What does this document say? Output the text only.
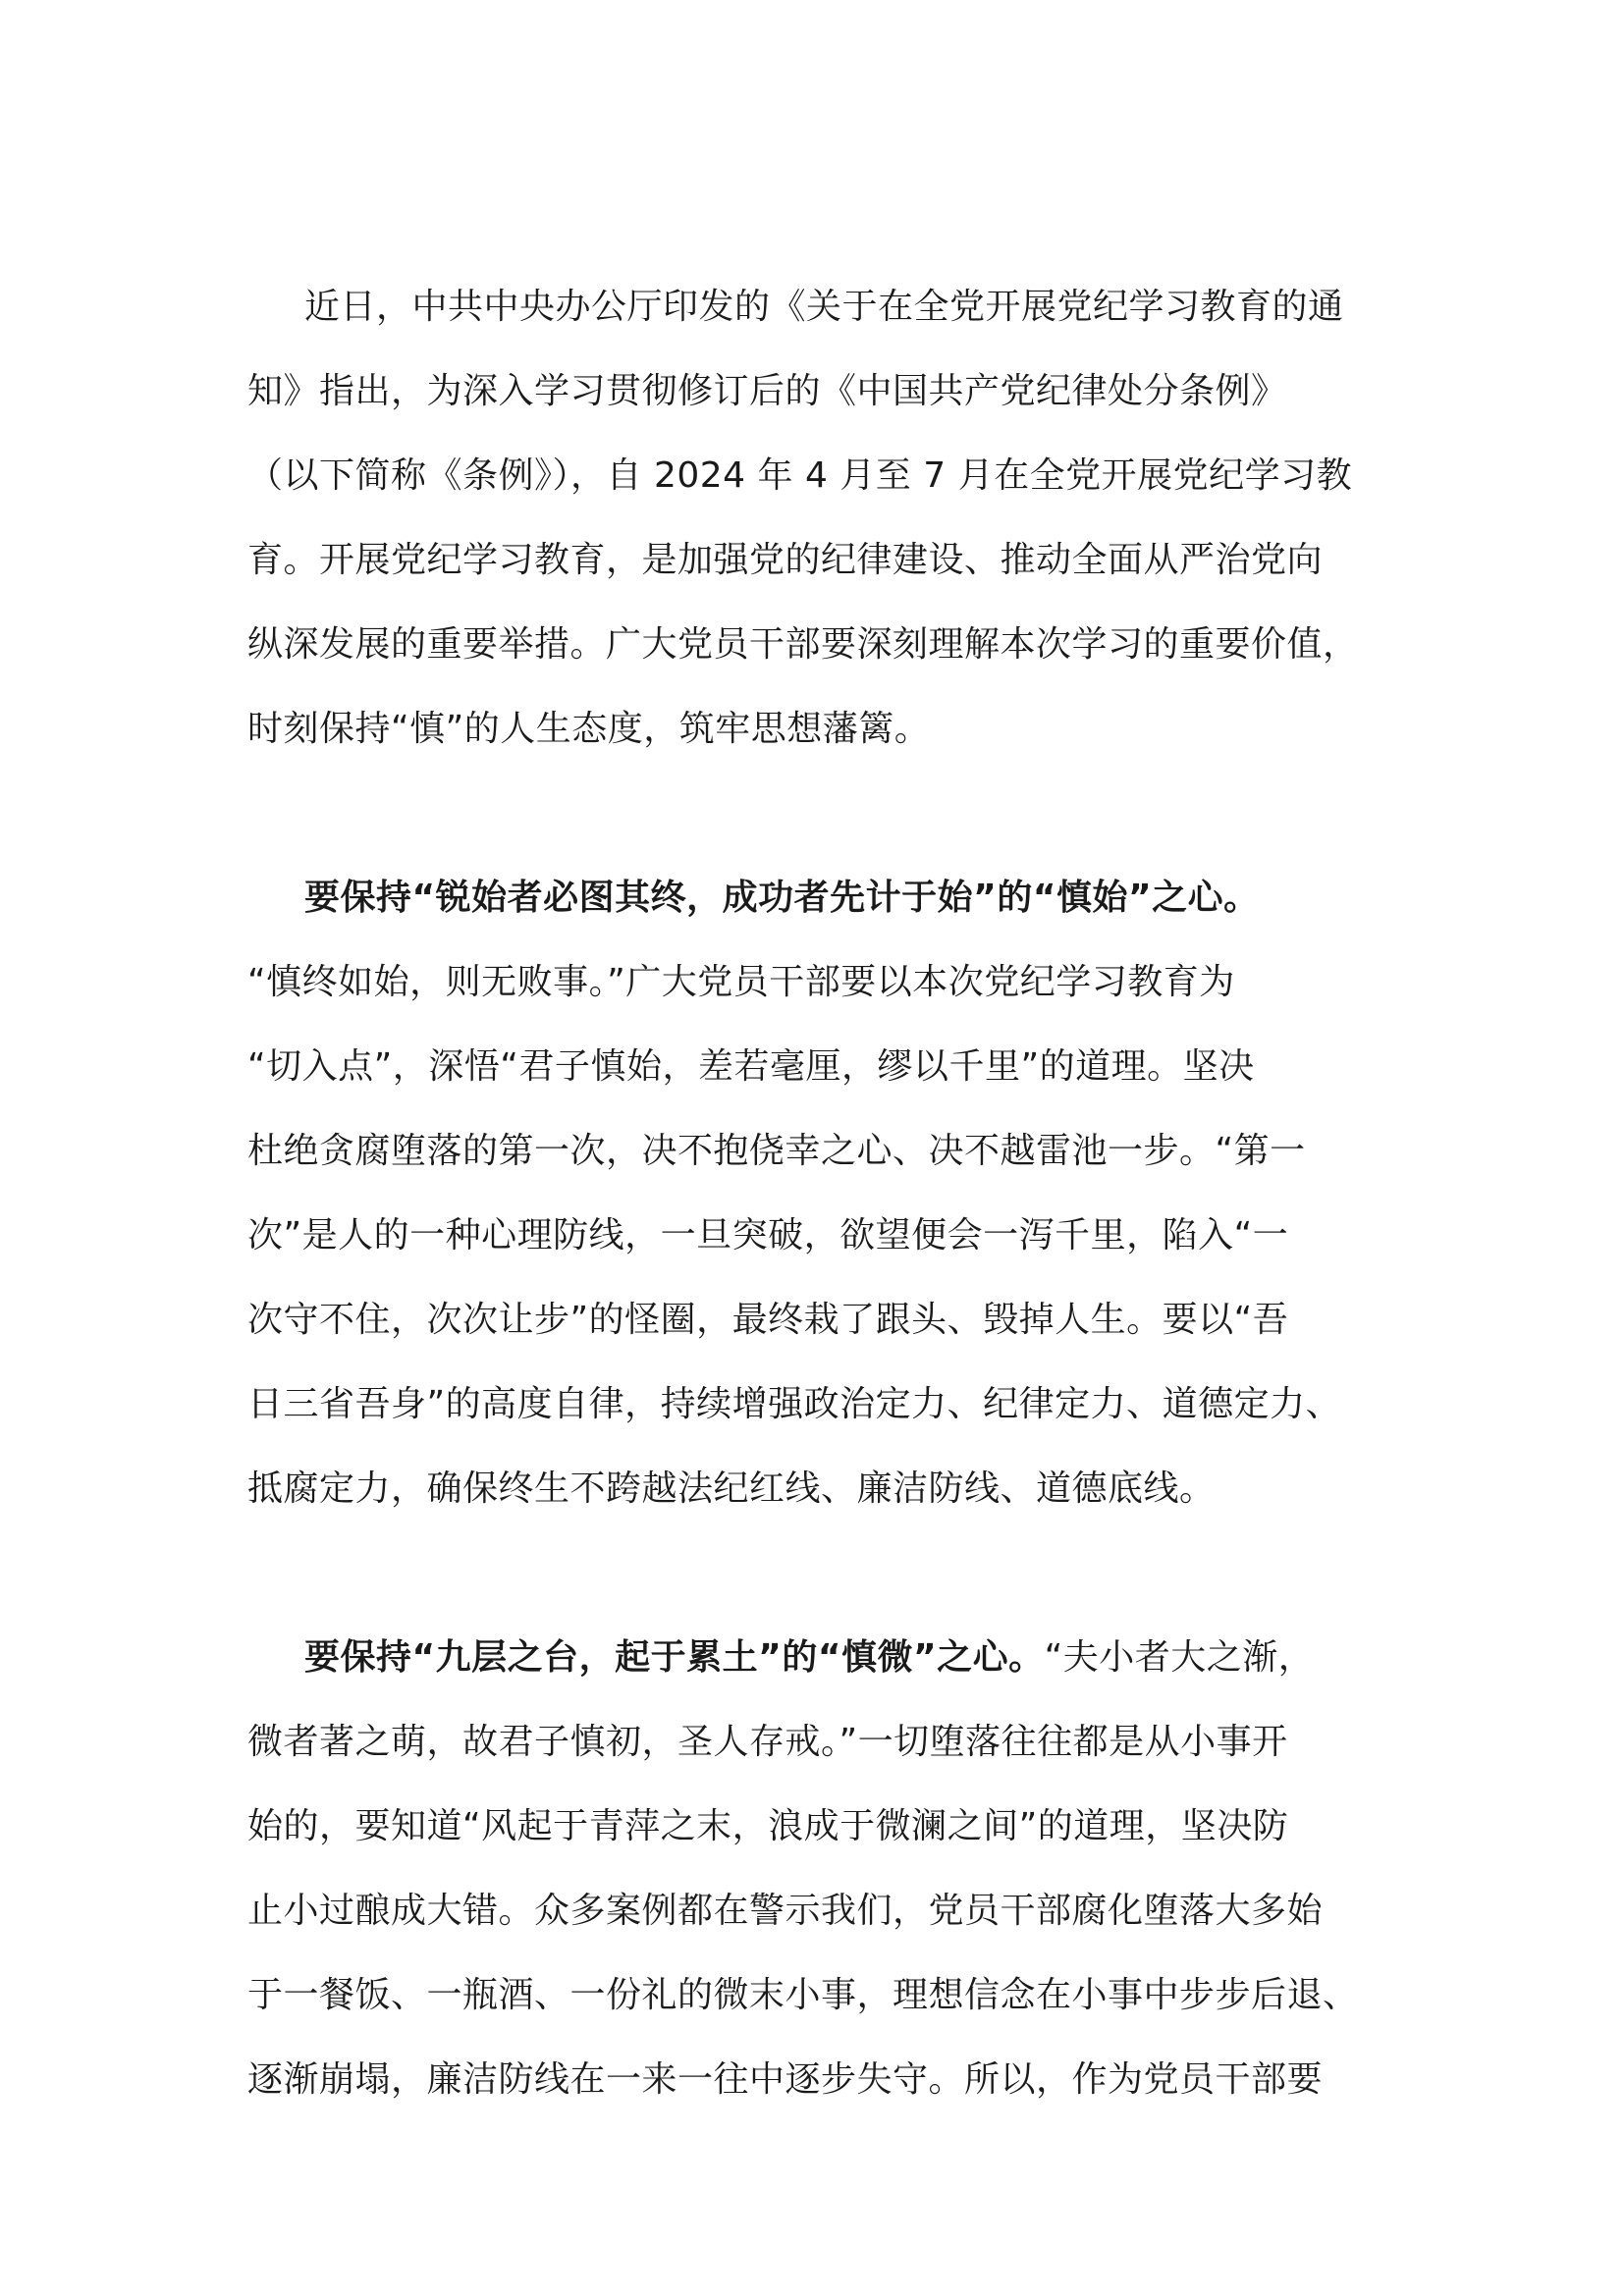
近日，中共中央办公厅印发的《关于在全党开展党纪学习教育的通
知》指出，为深入学习贯彻修订后的《中国共产党纪律处分条例》
（以下简称《条例》），自 2024 年 4 月至 7 月在全党开展党纪学习教
育。开展党纪学习教育，是加强党的纪律建设、推动全面从严治党向
纵深发展的重要举措。广大党员干部要深刻理解本次学习的重要价值，
时刻保持“慎”的人生态度，筑牢思想藩篱。
要保持“锐始者必图其终，成功者先计于始”的“慎始”之心。
“慎终如始，则无败事。”广大党员干部要以本次党纪学习教育为
“切入点”，深悟“君子慎始，差若毫厘，缪以千里”的道理。坚决
杜绝贪腐堕落的第一次，决不抱侥幸之心、决不越雷池一步。“第一
次”是人的一种心理防线，一旦突破，欲望便会一泻千里，陷入“一
次守不住，次次让步”的怪圈，最终栽了跟头、毁掉人生。要以“吾
日三省吾身”的高度自律，持续增强政治定力、纪律定力、道德定力、
抵腐定力，确保终生不跨越法纪红线、廉洁防线、道德底线。
要保持“九层之台，起于累土”的“慎微”之心。“夫小者大之渐，
微者著之萌，故君子慎初，圣人存戒。”一切堕落往往都是从小事开
始的，要知道“风起于青萍之末，浪成于微澜之间”的道理，坚决防
止小过酿成大错。众多案例都在警示我们，党员干部腐化堕落大多始
于一餐饭、一瓶酒、一份礼的微末小事，理想信念在小事中步步后退、
逐渐崩塌，廉洁防线在一来一往中逐步失守。所以，作为党员干部要
